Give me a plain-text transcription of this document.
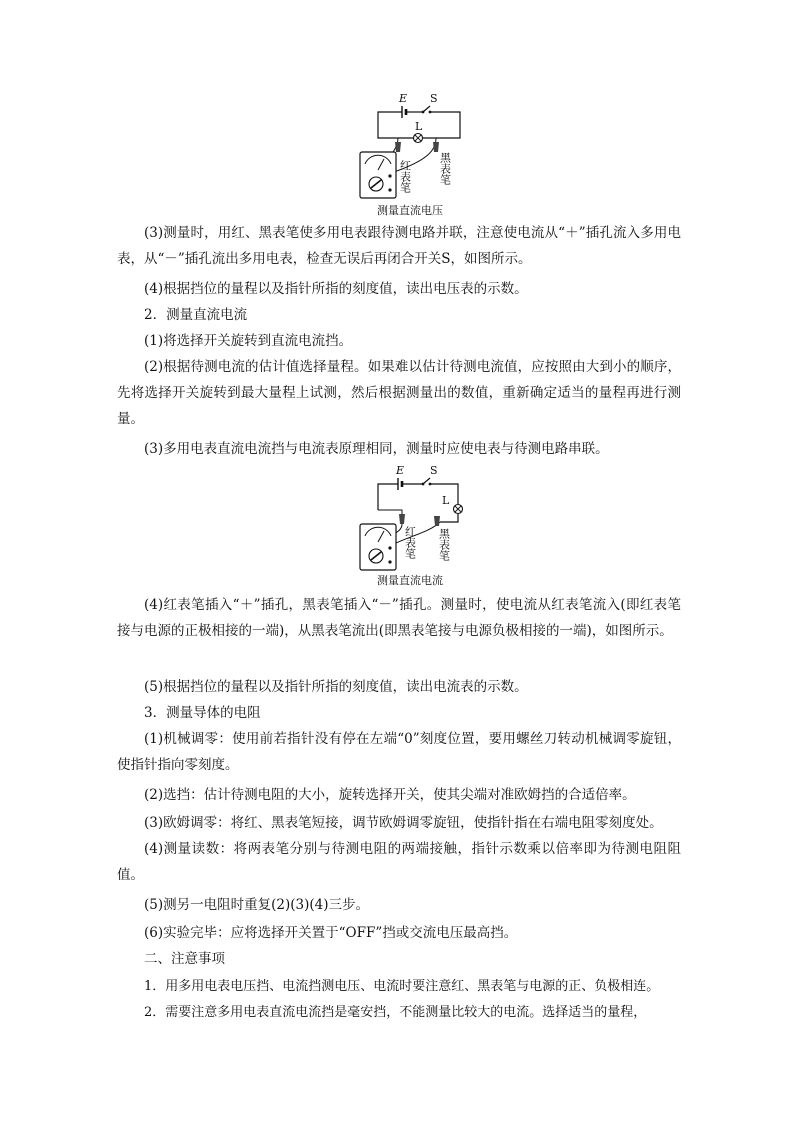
E S
L
红表笔 黑表笔
测量直流电压

(3)测量时，用红、黑表笔使多用电表跟待测电路并联，注意使电流从“＋”插孔流入多用电表，从“－”插孔流出多用电表，检查无误后再闭合开关S，如图所示。

(4)根据挡位的量程以及指针所指的刻度值，读出电压表的示数。

2．测量直流电流

(1)将选择开关旋转到直流电流挡。

(2)根据待测电流的估计值选择量程。如果难以估计待测电流值，应按照由大到小的顺序，先将选择开关旋转到最大量程上试测，然后根据测量出的数值，重新确定适当的量程再进行测量。

(3)多用电表直流电流挡与电流表原理相同，测量时应使电表与待测电路串联。

E S
L
红表笔 黑表笔
测量直流电流

(4)红表笔插入“＋”插孔，黑表笔插入“－”插孔。测量时，使电流从红表笔流入(即红表笔接与电源的正极相接的一端)，从黑表笔流出(即黑表笔接与电源负极相接的一端)，如图所示。

(5)根据挡位的量程以及指针所指的刻度值，读出电流表的示数。

3．测量导体的电阻

(1)机械调零：使用前若指针没有停在左端“0”刻度位置，要用螺丝刀转动机械调零旋钮，使指针指向零刻度。

(2)选挡：估计待测电阻的大小，旋转选择开关，使其尖端对准欧姆挡的合适倍率。

(3)欧姆调零：将红、黑表笔短接，调节欧姆调零旋钮，使指针指在右端电阻零刻度处。

(4)测量读数：将两表笔分别与待测电阻的两端接触，指针示数乘以倍率即为待测电阻阻值。

(5)测另一电阻时重复(2)(3)(4)三步。

(6)实验完毕：应将选择开关置于“OFF”挡或交流电压最高挡。

二、注意事项

1．用多用电表电压挡、电流挡测电压、电流时要注意红、黑表笔与电源的正、负极相连。

2．需要注意多用电表直流电流挡是毫安挡，不能测量比较大的电流。选择适当的量程，
